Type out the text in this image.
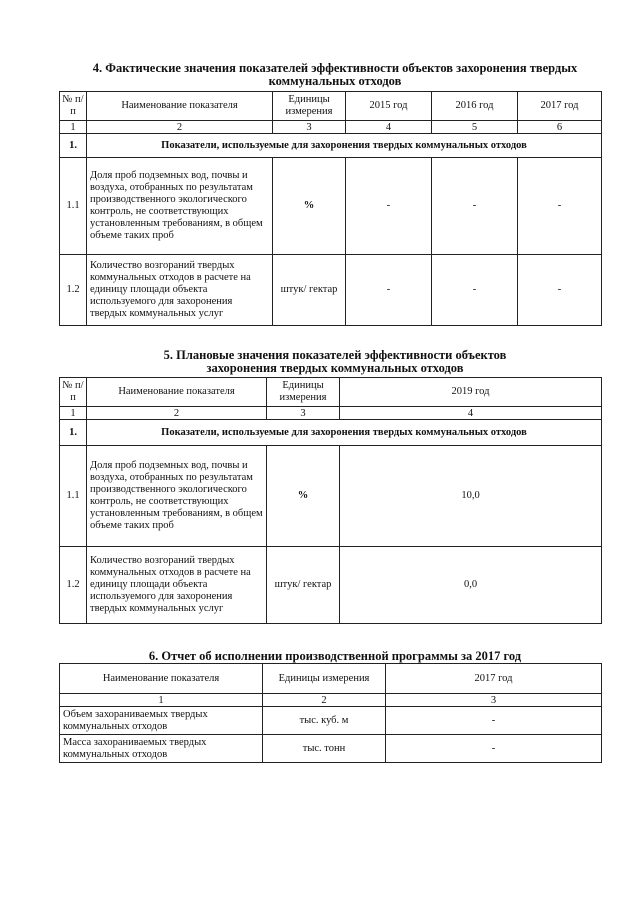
4. Фактические значения показателей эффективности объектов захоронения твердых
коммунальных отходов
№ п/п	Наименование показателя	Единицы измерения	2015 год	2016 год	2017 год
1	2	3	4	5	6
1.	Показатели, используемые для захоронения твердых коммунальных отходов				
1.1	Доля проб подземных вод, почвы и воздуха, отобранных по результатам производственного экологического контроль, не соответствующих установленным требованиям, в общем объеме таких проб	%	-	-	-
1.2	Количество возгораний твердых коммунальных отходов в расчете на единицу площади объекта используемого для захоронения твердых коммунальных услуг	штук/ гектар	-	-	-
5. Плановые значения показателей эффективности объектов
захоронения твердых коммунальных отходов
№ п/п	Наименование показателя	Единицы измерения	2019 год
1	2	3	4
1.	Показатели, используемые для захоронения твердых коммунальных отходов		
1.1	Доля проб подземных вод, почвы и воздуха, отобранных по результатам производственного экологического контроль, не соответствующих установленным требованиям, в общем объеме таких проб	%	10,0
1.2	Количество возгораний твердых коммунальных отходов в расчете на единицу площади объекта используемого для захоронения твердых коммунальных услуг	штук/ гектар	0,0
6. Отчет об исполнении производственной программы за 2017 год
Наименование показателя	Единицы измерения	2017 год
1	2	3
Объем захораниваемых твердых коммунальных отходов	тыс. куб. м	-
Масса захораниваемых твердых коммунальных отходов	тыс. тонн	-
